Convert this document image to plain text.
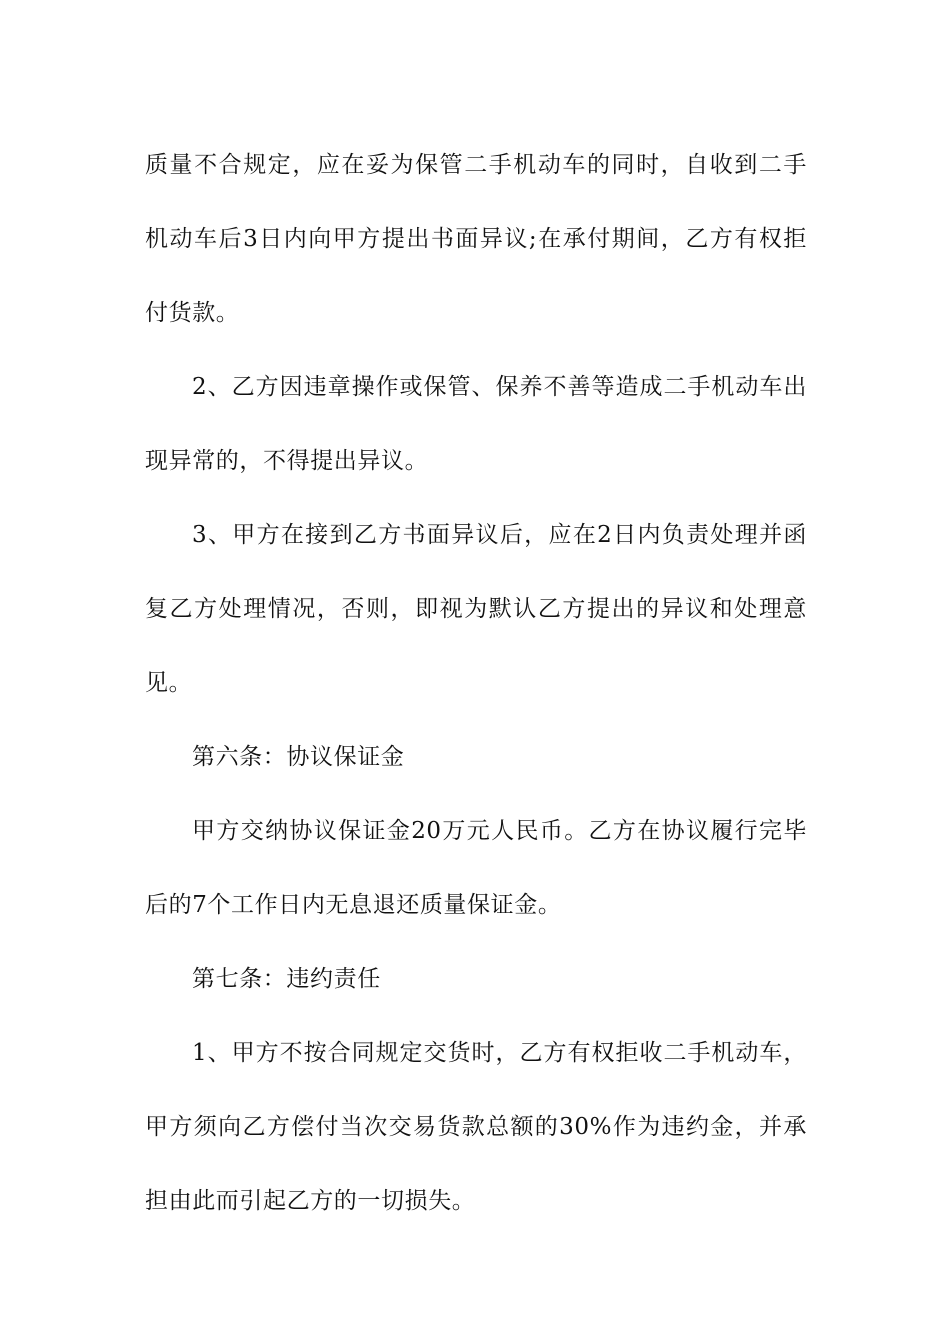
质量不合规定，应在妥为保管二手机动车的同时，自收到二手
机动车后3日内向甲方提出书面异议;在承付期间，乙方有权拒
付货款。

2、乙方因违章操作或保管、保养不善等造成二手机动车出
现异常的，不得提出异议。

3、甲方在接到乙方书面异议后，应在2日内负责处理并函
复乙方处理情况，否则，即视为默认乙方提出的异议和处理意
见。

第六条：协议保证金

甲方交纳协议保证金20万元人民币。乙方在协议履行完毕
后的7个工作日内无息退还质量保证金。

第七条：违约责任

1、甲方不按合同规定交货时，乙方有权拒收二手机动车，
甲方须向乙方偿付当次交易货款总额的30%作为违约金，并承
担由此而引起乙方的一切损失。
